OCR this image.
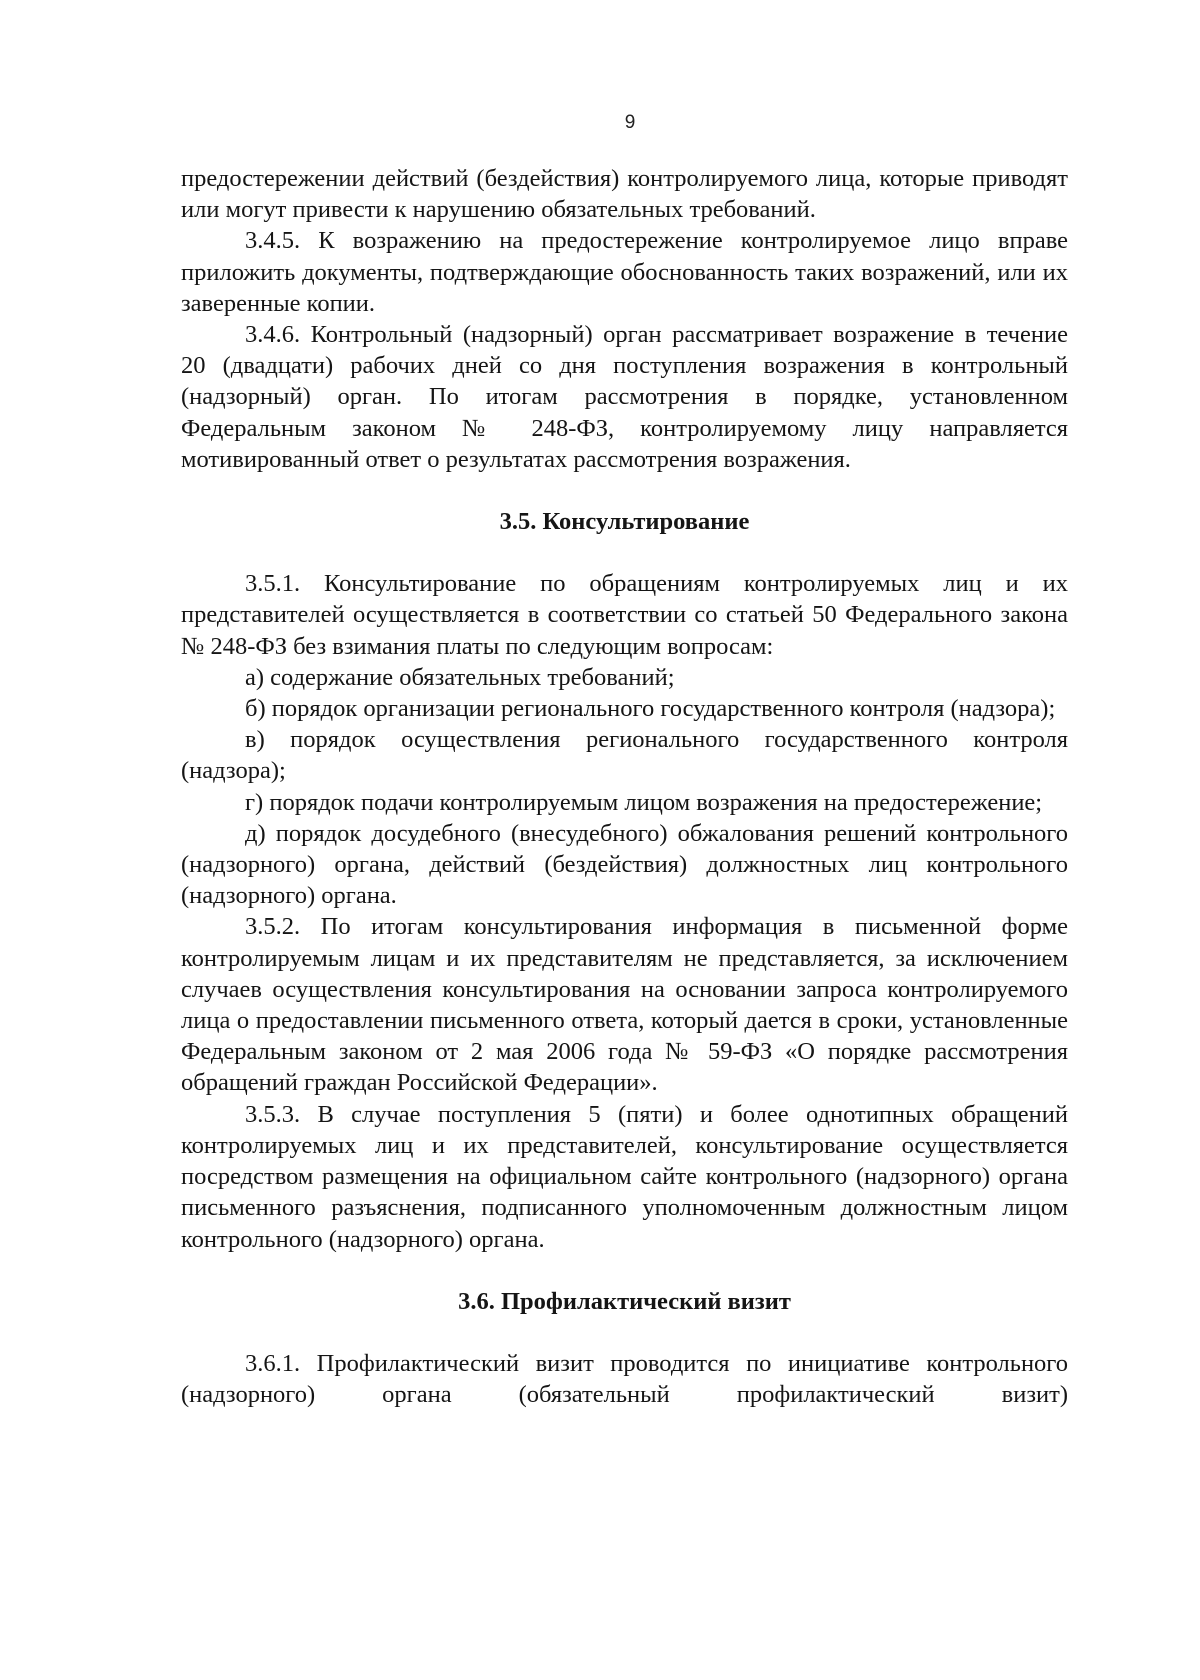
9

предостережении действий (бездействия) контролируемого лица, которые приводят или могут привести к нарушению обязательных требований.

3.4.5. К возражению на предостережение контролируемое лицо вправе приложить документы, подтверждающие обоснованность таких возражений, или их заверенные копии.

3.4.6. Контрольный (надзорный) орган рассматривает возражение в течение 20 (двадцати) рабочих дней со дня поступления возражения в контрольный (надзорный) орган. По итогам рассмотрения в порядке, установленном Федеральным законом № 248-ФЗ, контролируемому лицу направляется мотивированный ответ о результатах рассмотрения возражения.

3.5. Консультирование

3.5.1. Консультирование по обращениям контролируемых лиц и их представителей осуществляется в соответствии со статьей 50 Федерального закона № 248-ФЗ без взимания платы по следующим вопросам:

а) содержание обязательных требований;

б) порядок организации регионального государственного контроля (надзора);

в) порядок осуществления регионального государственного контроля (надзора);

г) порядок подачи контролируемым лицом возражения на предостережение;

д) порядок досудебного (внесудебного) обжалования решений контрольного (надзорного) органа, действий (бездействия) должностных лиц контрольного (надзорного) органа.

3.5.2. По итогам консультирования информация в письменной форме контролируемым лицам и их представителям не представляется, за исключением случаев осуществления консультирования на основании запроса контролируемого лица о предоставлении письменного ответа, который дается в сроки, установленные Федеральным законом от 2 мая 2006 года № 59-ФЗ «О порядке рассмотрения обращений граждан Российской Федерации».

3.5.3. В случае поступления 5 (пяти) и более однотипных обращений контролируемых лиц и их представителей, консультирование осуществляется посредством размещения на официальном сайте контрольного (надзорного) органа письменного разъяснения, подписанного уполномоченным должностным лицом контрольного (надзорного) органа.

3.6. Профилактический визит

3.6.1. Профилактический визит проводится по инициативе контрольного (надзорного) органа (обязательный профилактический визит)
